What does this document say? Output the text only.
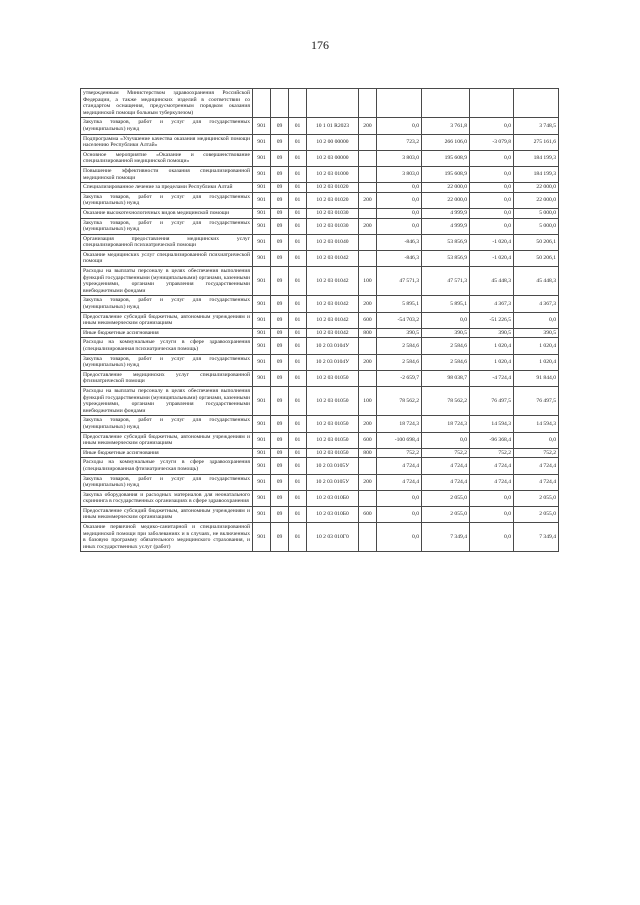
176
утвержденным Министерством здравоохранения Российской Федерации, а также медицинских изделий в соответствии со стандартом оснащения, предусмотренным порядком оказания медицинской помощи больным туберкулезом)									
Закупка товаров, работ и услуг для государственных (муниципальных) нужд	901	09	01	10 1 01 R2023	200	0,0	3 761,8	0,0	3 748,5
Подпрограмма «Улучшение качества оказания медицинской помощи населению Республики Алтай»	901	09	01	10 2 00 00000		723,2	266 106,0	-3 079,8	275 161,6
Основное мероприятие «Оказание и совершенствование специализированной медицинской помощи»	901	09	01	10 2 03 00000		3 803,0	195 608,9	0,0	184 199,3
Повышение эффективности оказания специализированной медицинской помощи	901	09	01	10 2 03 01000		3 803,0	195 608,9	0,0	184 199,3
Специализированное лечение за пределами Республики Алтай	901	09	01	10 2 03 01020		0,0	22 000,0	0,0	22 000,0
Закупка товаров, работ и услуг для государственных (муниципальных) нужд	901	09	01	10 2 03 01020	200	0,0	22 000,0	0,0	22 000,0
Оказание высокотехнологичных видов медицинской помощи	901	09	01	10 2 03 01030		0,0	4 999,9	0,0	5 000,0
Закупка товаров, работ и услуг для государственных (муниципальных) нужд	901	09	01	10 2 03 01030	200	0,0	4 999,9	0,0	5 000,0
Организация предоставления медицинских услуг специализированной психиатрической помощи	901	09	01	10 2 03 01040		-846,3	53 856,9	-1 020,4	50 206,1
Оказание медицинских услуг специализированной психиатрической помощи	901	09	01	10 2 03 01042		-846,3	53 856,9	-1 020,4	50 206,1
Расходы на выплаты персоналу в целях обеспечения выполнения функций государственными (муниципальными) органами, казенными учреждениями, органами управления государственными внебюджетными фондами	901	09	01	10 2 03 01042	100	47 571,3	47 571,3	45 448,3	45 448,3
Закупка товаров, работ и услуг для государственных (муниципальных) нужд	901	09	01	10 2 03 01042	200	5 895,1	5 895,1	4 367,3	4 367,3
Предоставление субсидий бюджетным, автономным учреждениям и иным некоммерческим организациям	901	09	01	10 2 03 01042	600	-54 703,2	0,0	-51 226,5	0,0
Иные бюджетные ассигнования	901	09	01	10 2 03 01042	800	390,5	390,5	390,5	390,5
Расходы на коммунальные услуги в сфере здравоохранения (специализированная психиатрическая помощь)	901	09	01	10 2 03 0104У		2 584,6	2 584,6	1 020,4	1 020,4
Закупка товаров, работ и услуг для государственных (муниципальных) нужд	901	09	01	10 2 03 0104У	200	2 584,6	2 584,6	1 020,4	1 020,4
Предоставление медицинских услуг специализированной фтизиатрической помощи	901	09	01	10 2 03 01050		-2 659,7	98 038,7	-4 724,4	91 844,0
Расходы на выплаты персоналу в целях обеспечения выполнения функций государственными (муниципальными) органами, казенными учреждениями, органами управления государственными внебюджетными фондами	901	09	01	10 2 03 01050	100	78 562,2	78 562,2	76 497,5	76 497,5
Закупка товаров, работ и услуг для государственных (муниципальных) нужд	901	09	01	10 2 03 01050	200	18 724,3	18 724,3	14 594,3	14 594,3
Предоставление субсидий бюджетным, автономным учреждениям и иным некоммерческим организациям	901	09	01	10 2 03 01050	600	-100 698,4	0,0	-96 368,4	0,0
Иные бюджетные ассигнования	901	09	01	10 2 03 01050	800	752,2	752,2	752,2	752,2
Расходы на коммунальные услуги в сфере здравоохранения (специализированная фтизиатрическая помощь)	901	09	01	10 2 03 0105У		4 724,4	4 724,4	4 724,4	4 724,4
Закупка товаров, работ и услуг для государственных (муниципальных) нужд	901	09	01	10 2 03 0105У	200	4 724,4	4 724,4	4 724,4	4 724,4
Закупка оборудования и расходных материалов для неонатального скрининга в государственных организациях в сфере здравоохранения	901	09	01	10 2 03 010Б0		0,0	2 055,0	0,0	2 055,0
Предоставление субсидий бюджетным, автономным учреждениям и иным некоммерческим организациям	901	09	01	10 2 03 010Б0	600	0,0	2 055,0	0,0	2 055,0
Оказание первичной медико-санитарной и специализированной медицинской помощи при заболеваниях и в случаях, не включенных в базовую программу обязательного медицинского страхования, и иных государственных услуг (работ)	901	09	01	10 2 03 010Г0		0,0	7 349,4	0,0	7 349,4
